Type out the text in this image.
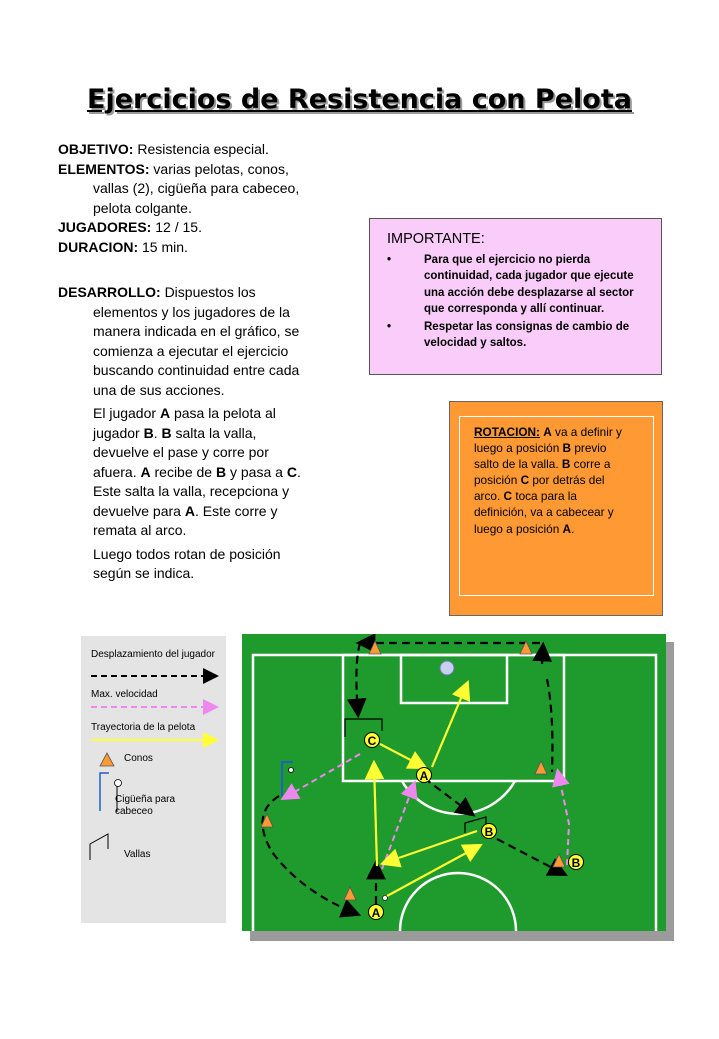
Ejercicios de Resistencia con Pelota

OBJETIVO: Resistencia especial.

ELEMENTOS: varias pelotas, conos,

vallas (2), cigüeña para cabeceo,

pelota colgante.

JUGADORES: 12 / 15.

DURACION: 15 min.

DESARROLLO: Dispuestos los

elementos y los jugadores de la

manera indicada en el gráfico, se

comienza a ejecutar el ejercicio

buscando continuidad entre cada

una de sus acciones.

El jugador A pasa la pelota al

jugador B. B salta la valla,

devuelve el pase y corre por

afuera. A recibe de B y pasa a C.

Este salta la valla, recepciona y

devuelve para A. Este corre y

remata al arco.

Luego todos rotan de posición

según se indica.

IMPORTANTE:
•	Para que el ejercicio no pierda continuidad, cada jugador que ejecute una acción debe desplazarse al sector que corresponda y allí continuar.
•	Respetar las consignas de cambio de velocidad y saltos.
ROTACION: A va a definir y luego a posición B previo salto de la valla. B corre a posición C por detrás del arco. C toca para la definición, va a cabecear y luego a posición A.
Desplazamiento del jugador
Max. velocidad
Trayectoria de la pelota
Conos
Cigüeña para cabeceo
Vallas
C
A
B
B
A
